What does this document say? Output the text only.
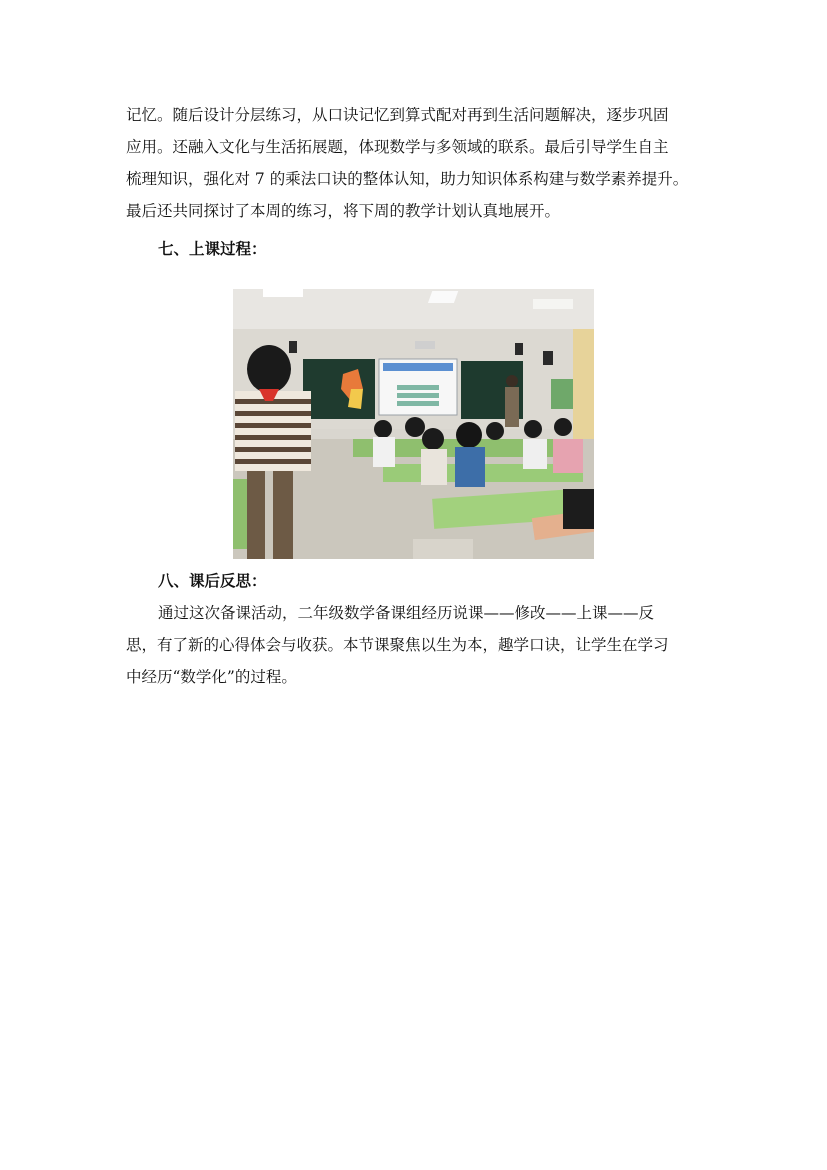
记忆。随后设计分层练习，从口诀记忆到算式配对再到生活问题解决，逐步巩固
应用。还融入文化与生活拓展题，体现数学与多领域的联系。最后引导学生自主
梳理知识，强化对 7 的乘法口诀的整体认知，助力知识体系构建与数学素养提升。
最后还共同探讨了本周的练习，将下周的教学计划认真地展开。

七、上课过程：
八、课后反思：

通过这次备课活动，二年级数学备课组经历说课——修改——上课——反
思，有了新的心得体会与收获。本节课聚焦以生为本，趣学口诀，让学生在学习
中经历“数学化”的过程。
